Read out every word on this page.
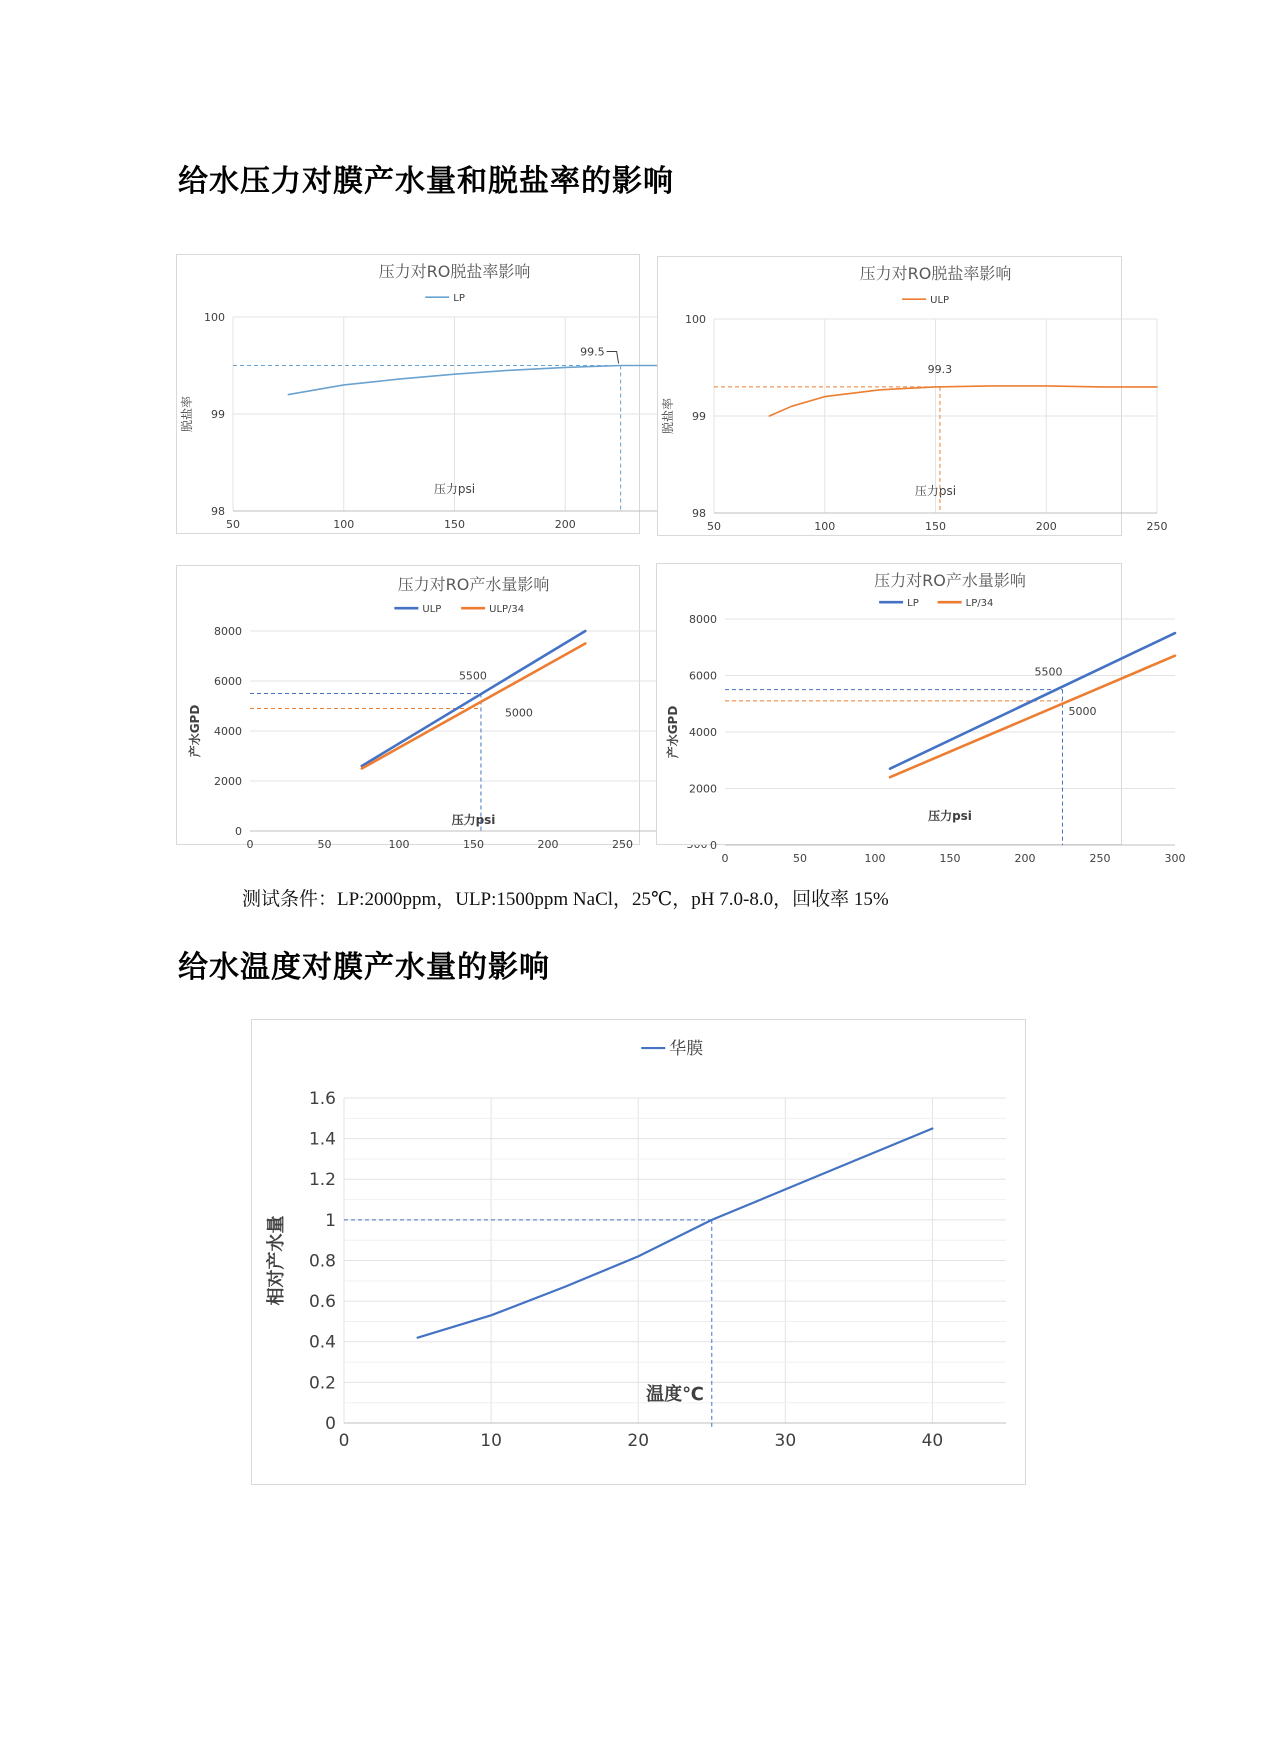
给水压力对膜产水量和脱盐率的影响
50	100	150	200
98
99
100
压力对RO脱盐率影响
压力psi
脱盐率
LP
99.5
50	100	150	200	250
98
99
100
压力对RO脱盐率影响
压力psi
脱盐率
ULP
99.3
0	50	100	150	200	250
0
2000
4000
6000
8000
压力对RO产水量影响
压力psi
产水GPD
ULP	ULP/34
5500
5000
0	50	100	150	200	250	300
0
2000
4000
6000
8000
压力对RO产水量影响
压力psi
产水GPD
LP	LP/34
5500
5000
测试条件：LP:2000ppm，ULP:1500ppm NaCl，25℃，pH 7.0-8.0，回收率 15%
给水温度对膜产水量的影响
0	10	20	30	40
0
0.2
0.4
0.6
0.8
1
1.2
1.4
1.6
温度℃
相对产水量
华膜
